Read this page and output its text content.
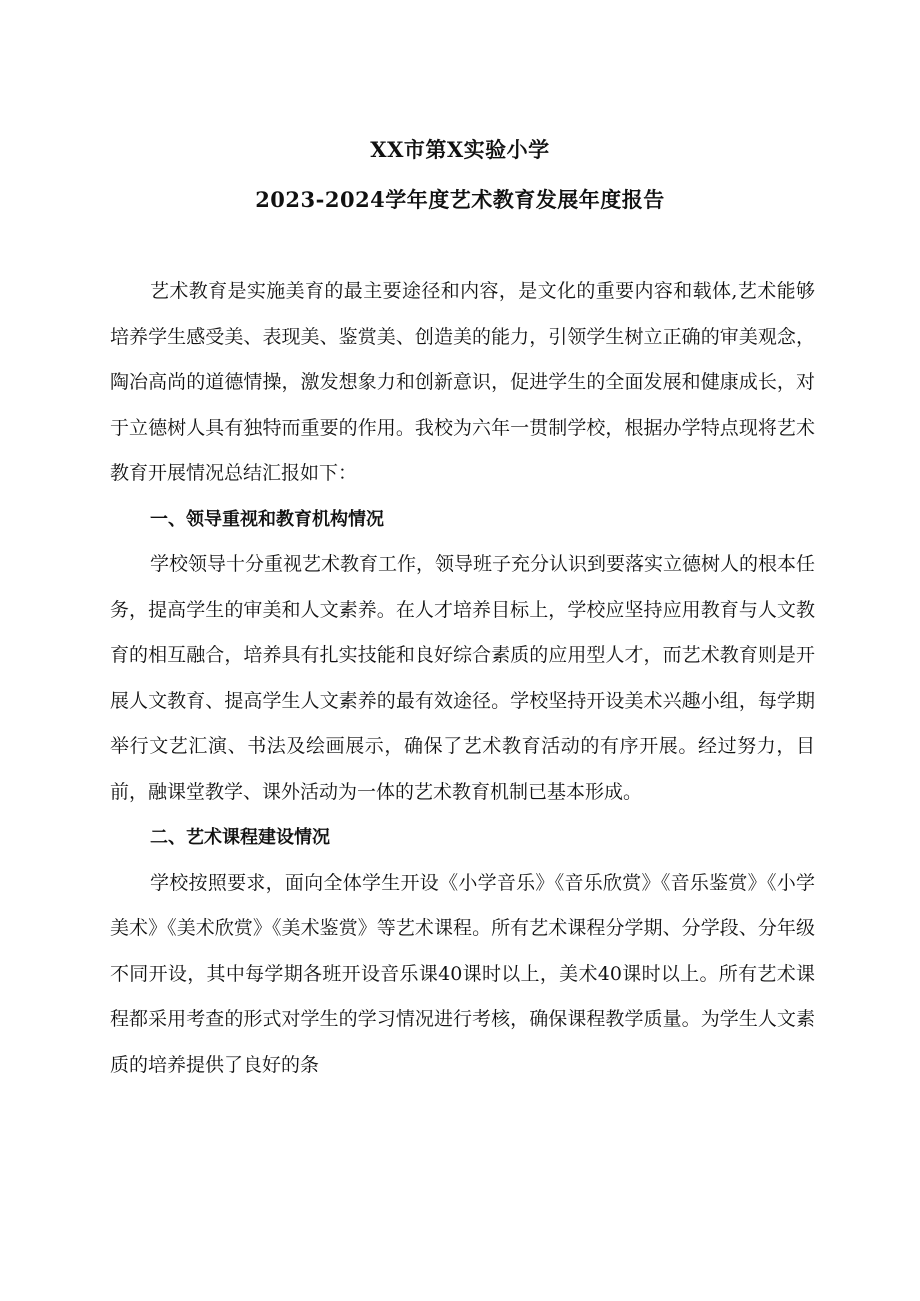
XX市第X实验小学
2023-2024学年度艺术教育发展年度报告

艺术教育是实施美育的最主要途径和内容，是文化的重要内容和载体,艺术能够培养学生感受美、表现美、鉴赏美、创造美的能力，引领学生树立正确的审美观念，陶冶高尚的道德情操，激发想象力和创新意识，促进学生的全面发展和健康成长，对于立德树人具有独特而重要的作用。我校为六年一贯制学校，根据办学特点现将艺术教育开展情况总结汇报如下：

一、领导重视和教育机构情况

学校领导十分重视艺术教育工作，领导班子充分认识到要落实立德树人的根本任务，提高学生的审美和人文素养。在人才培养目标上，学校应坚持应用教育与人文教育的相互融合，培养具有扎实技能和良好综合素质的应用型人才，而艺术教育则是开展人文教育、提高学生人文素养的最有效途径。学校坚持开设美术兴趣小组，每学期举行文艺汇演、书法及绘画展示，确保了艺术教育活动的有序开展。经过努力，目前，融课堂教学、课外活动为一体的艺术教育机制已基本形成。

二、艺术课程建设情况

学校按照要求，面向全体学生开设《小学音乐》《音乐欣赏》《音乐鉴赏》《小学美术》《美术欣赏》《美术鉴赏》等艺术课程。所有艺术课程分学期、分学段、分年级不同开设，其中每学期各班开设音乐课40课时以上，美术40课时以上。所有艺术课程都采用考查的形式对学生的学习情况进行考核，确保课程教学质量。为学生人文素质的培养提供了良好的条
